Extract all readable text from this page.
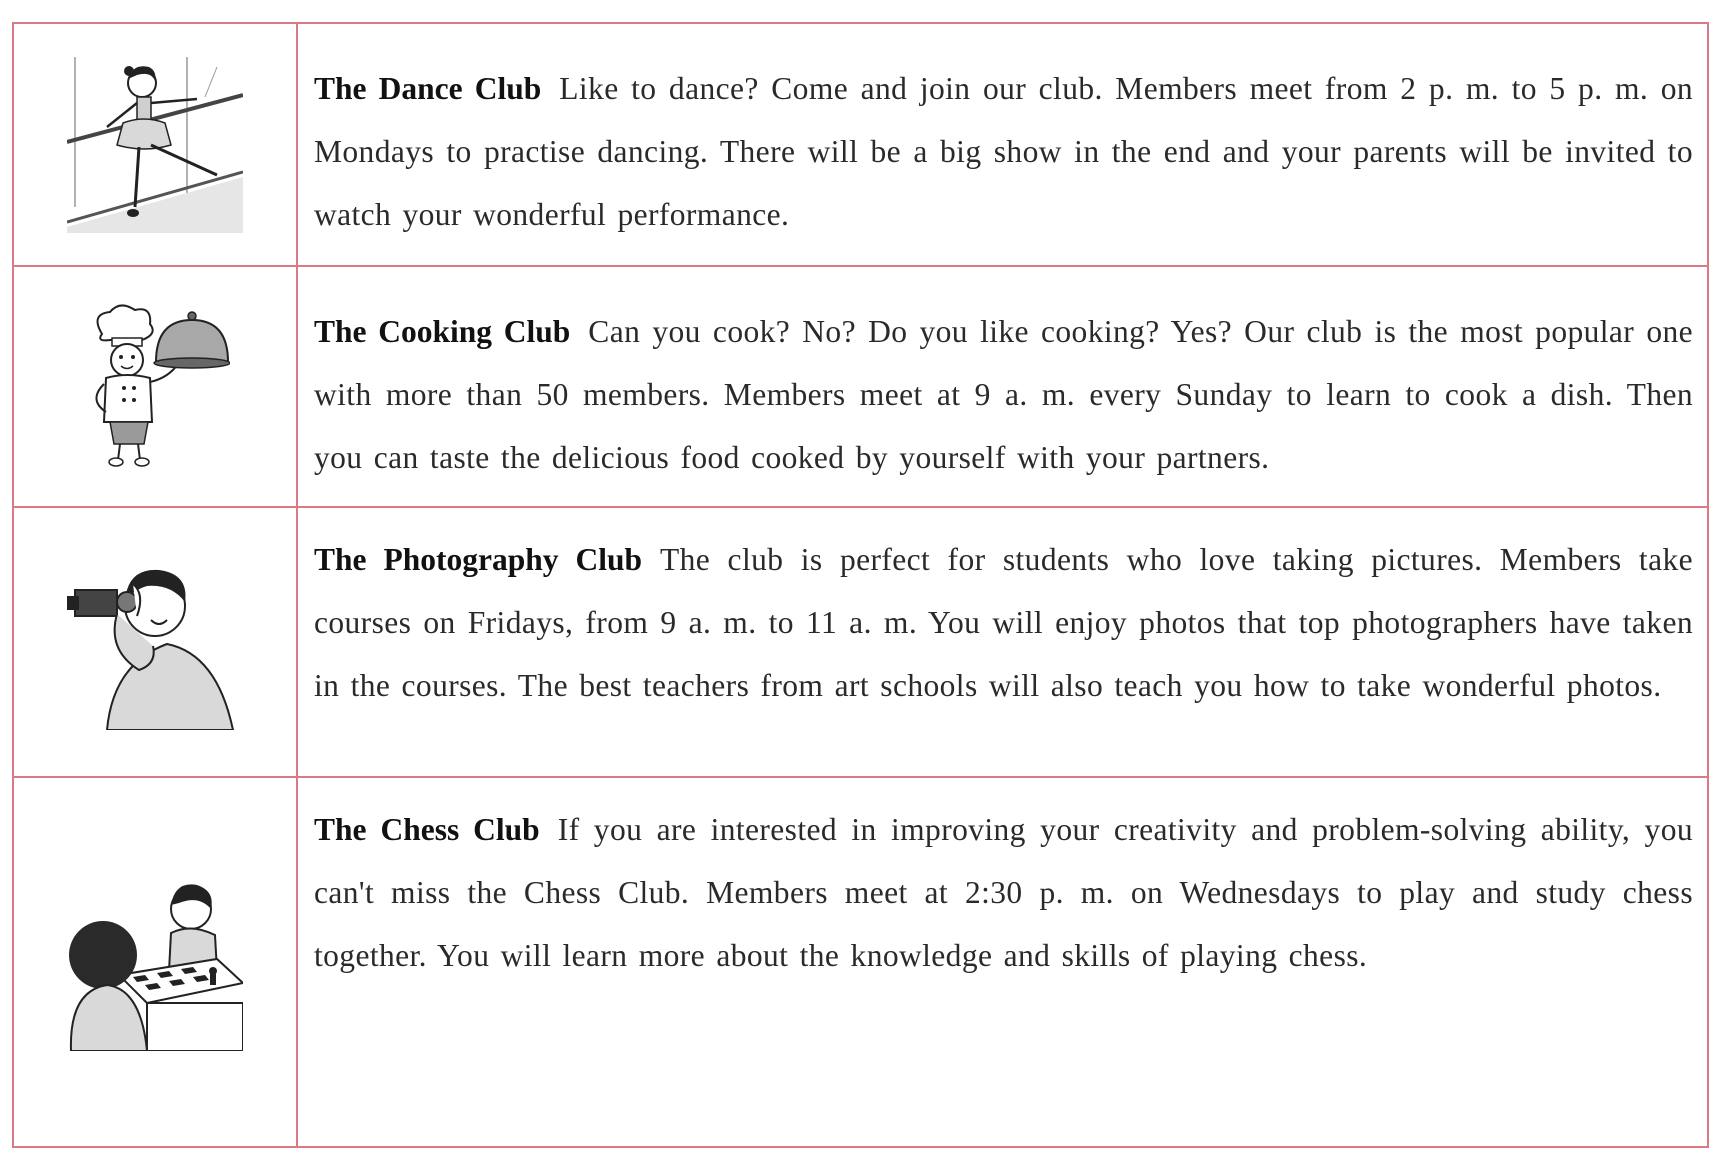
The Dance Club Like to dance? Come and join our club. Members meet from 2 p. m. to 5 p. m. on Mondays to practise dancing. There will be a big show in the end and your parents will be invited to watch your wonderful performance.
The Cooking Club Can you cook? No? Do you like cooking? Yes? Our club is the most popular one with more than 50 members. Members meet at 9 a. m. every Sunday to learn to cook a dish. Then you can taste the delicious food cooked by yourself with your partners.
The Photography Club The club is perfect for students who love taking pictures. Members take courses on Fridays, from 9 a. m. to 11 a. m. You will enjoy photos that top photographers have taken in the courses. The best teachers from art schools will also teach you how to take wonderful photos.
The Chess Club If you are interested in improving your creativity and problem-solving ability, you can't miss the Chess Club. Members meet at 2:30 p. m. on Wednesdays to play and study chess together. You will learn more about the knowledge and skills of playing chess.
